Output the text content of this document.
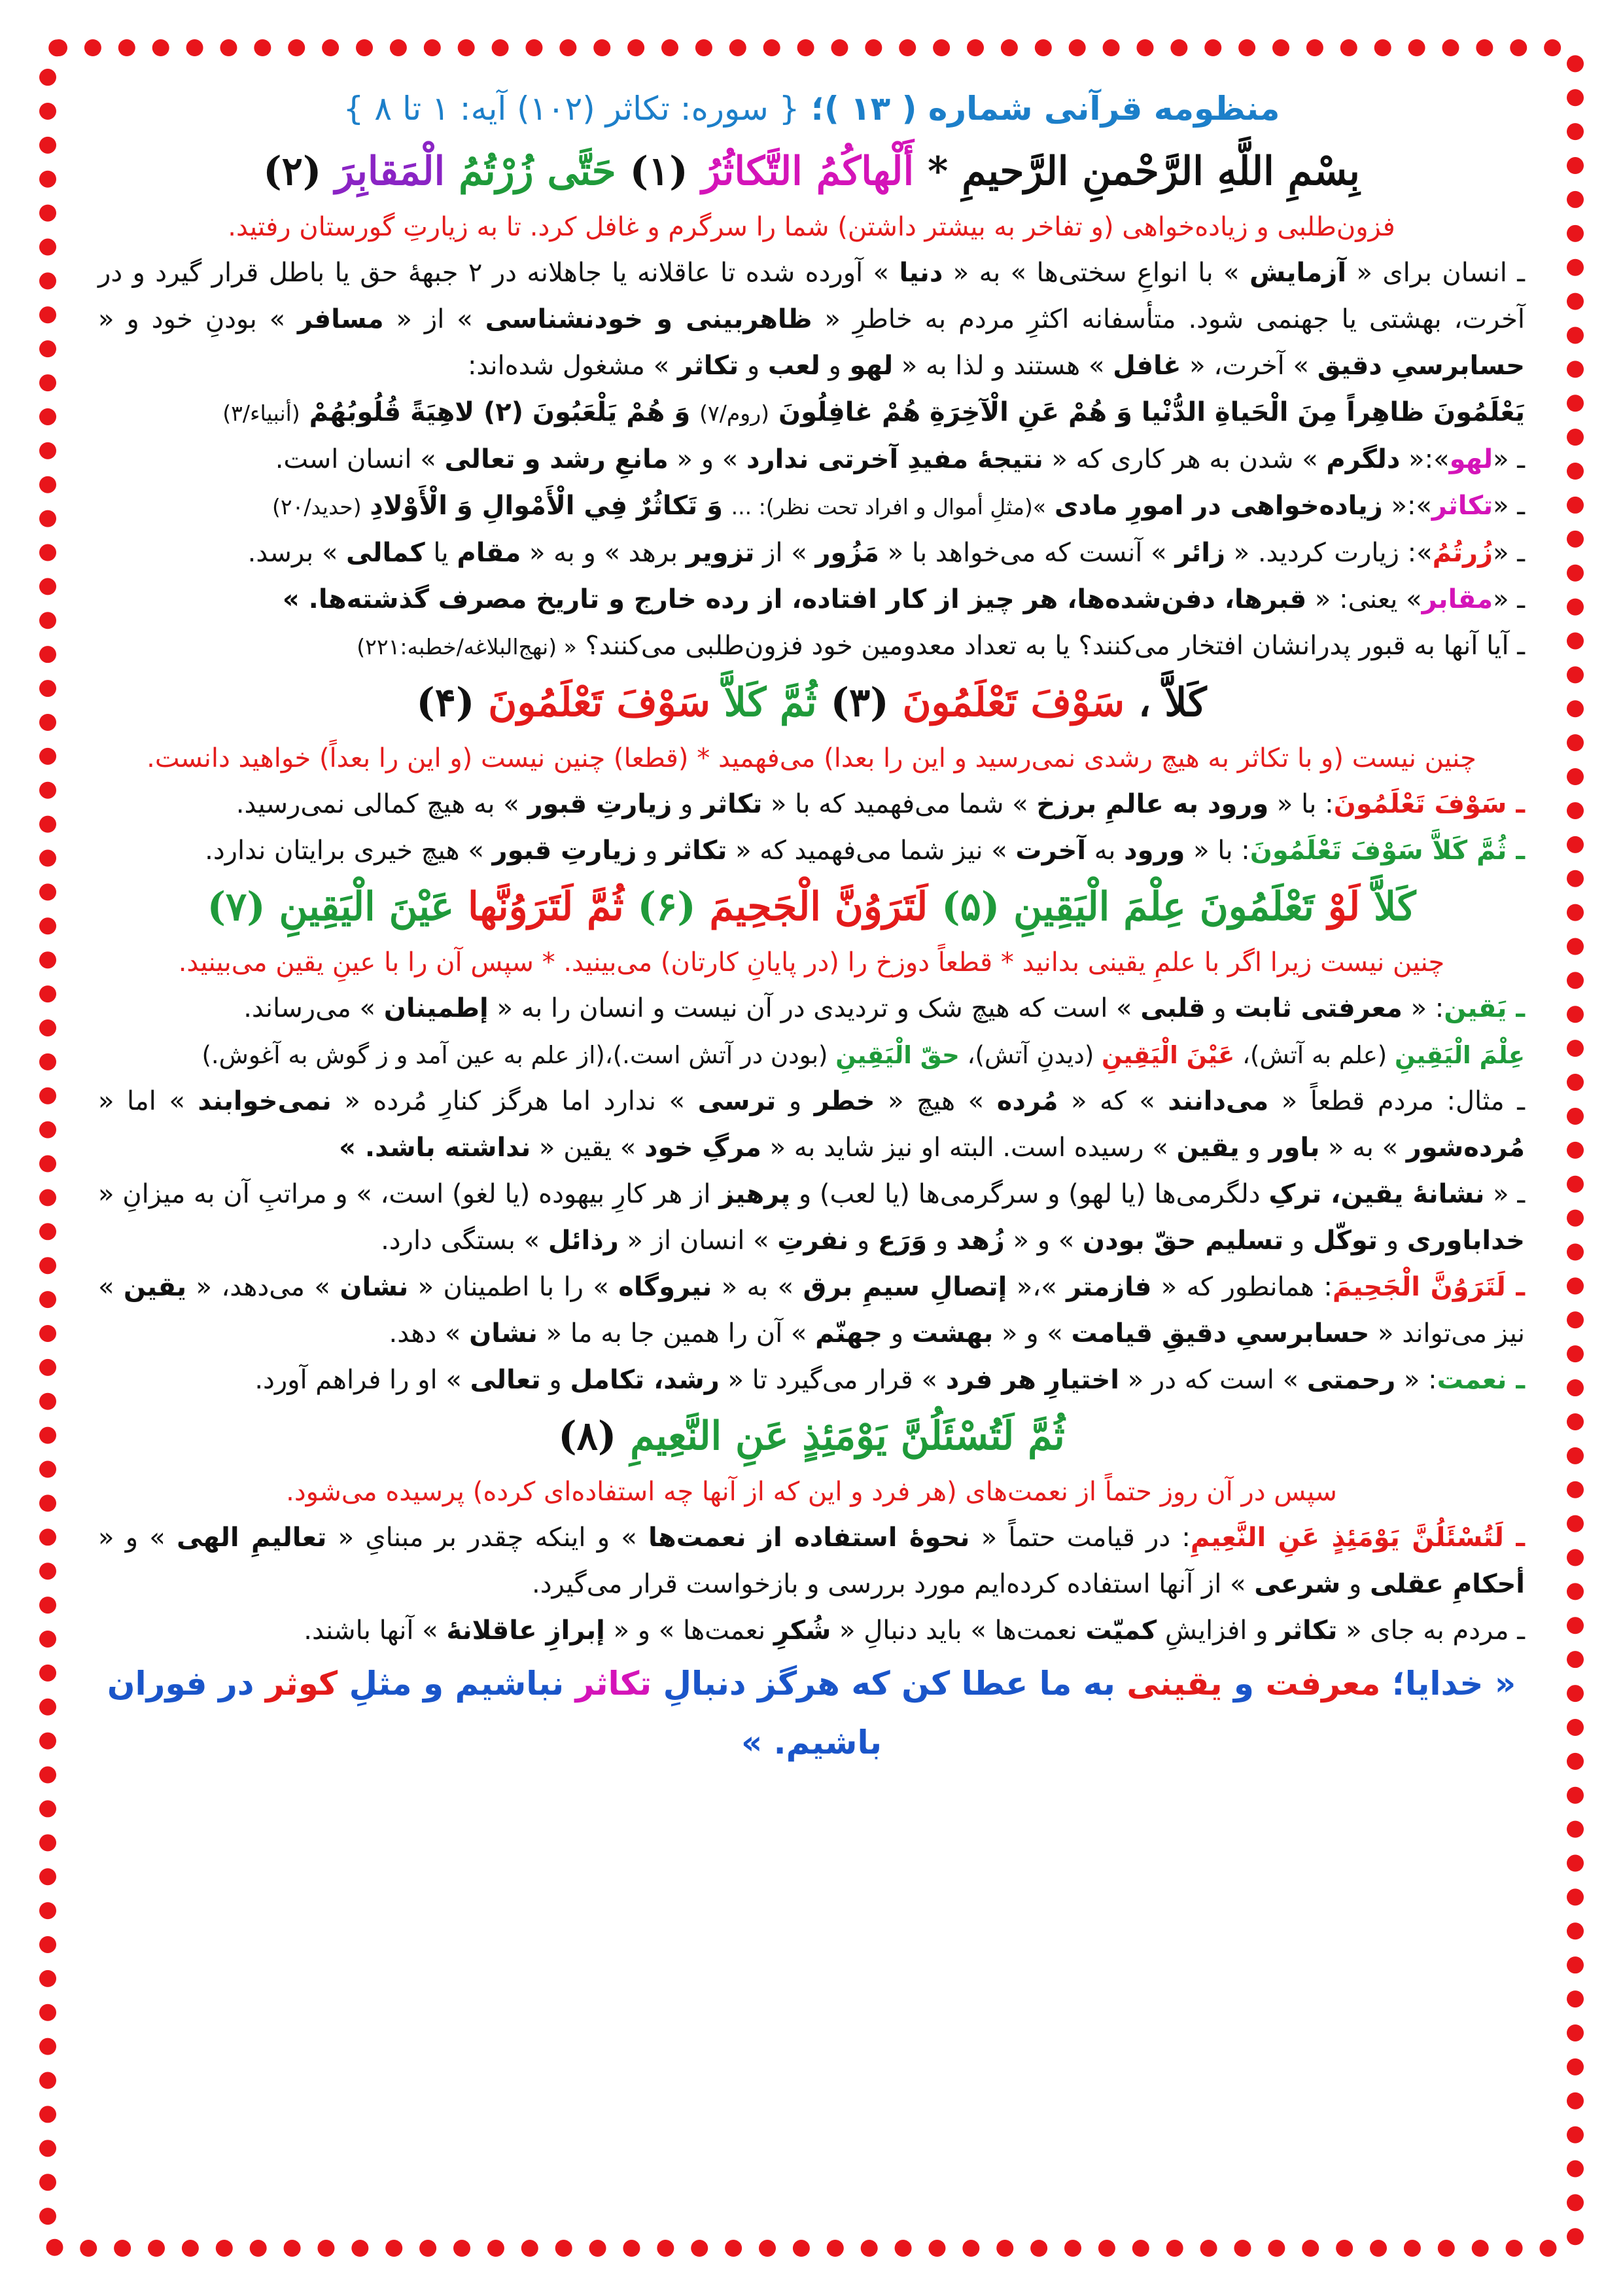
منظومه قرآنی شماره ( ۱۳ )؛ { سوره: تکاثر (۱۰۲) آیه: ۱ تا ۸ }

بِسْمِ اللَّهِ الرَّحْمنِ الرَّحيمِ * أَلْهاكُمُ التَّكاثُرُ (۱) حَتَّى زُرْتُمُ الْمَقابِرَ (۲)

فزون‌طلبی و زیاده‌خواهی (و تفاخر به بیشتر داشتن) شما را سرگرم و غافل کرد. تا به زیارتِ گورستان رفتید.

ـ انسان برای « آزمایش » با انواعِ سختی‌ها » به « دنیا » آورده شده تا عاقلانه یا جاهلانه در ۲ جبههٔ حق یا باطل قرار گیرد و در آخرت، بهشتی یا جهنمی شود. متأسفانه اکثرِ مردم به خاطرِ « ظاهربینی و خودنشناسی » از « مسافر » بودنِ خود و « حسابرسیِ دقیق » آخرت، « غافل » هستند و لذا به « لهو و لعب و تکاثر » مشغول شده‌اند:

يَعْلَمُونَ ظاهِراً مِنَ الْحَياةِ الدُّنْيا وَ هُمْ عَنِ الْآخِرَةِ هُمْ غافِلُونَ (روم/۷) وَ هُمْ يَلْعَبُونَ (۲) لاهِيَةً قُلُوبُهُمْ (أنبیاء/۳)

ـ «لهو»:« دلگرم » شدن به هر کاری که « نتیجهٔ مفیدِ آخرتی ندارد » و « مانعِ رشد و تعالی » انسان است.

ـ «تکاثر»:« زیاده‌خواهی در امورِ مادی »(مثلِ أموال و افراد تحت نظر): ... وَ تَكاثُرٌ فِي الْأَمْوالِ وَ الْأَوْلادِ (حدید/۲۰)

ـ «زُرتُمُ»: زیارت کردید. « زائر » آنست که می‌خواهد با « مَزُور » از تزویر برهد » و به « مقام یا کمالی » برسد.

ـ «مقابر» یعنی: « قبرها، دفن‌شده‌ها، هر چیز از کار افتاده، از رده خارج و تاریخ مصرف گذشته‌ها. »

ـ آیا آنها به قبور پدرانشان افتخار می‌کنند؟ یا به تعداد معدومین خود فزون‌طلبی می‌کنند؟ « (نهج‌البلاغه/خطبه:۲۲۱)

كَلاَّ ، سَوْفَ تَعْلَمُونَ (۳) ثُمَّ كَلاَّ سَوْفَ تَعْلَمُونَ (۴)

چنین نیست (و با تکاثر به هیچ رشدی نمی‌رسید و این را بعدا) می‌فهمید * (قطعا) چنین نیست (و این را بعداً) خواهید دانست.

ـ سَوْفَ تَعْلَمُونَ: با « ورود به عالمِ برزخ » شما می‌فهمید که با « تکاثر و زیارتِ قبور » به هیچ کمالی نمی‌رسید.

ـ ثُمَّ كَلاَّ سَوْفَ تَعْلَمُونَ: با « ورود به آخرت » نیز شما می‌فهمید که « تکاثر و زیارتِ قبور » هیچ خیری برایتان ندارد.

كَلاَّ لَوْ تَعْلَمُونَ عِلْمَ الْيَقِينِ (۵) لَتَرَوُنَّ الْجَحِيمَ (۶) ثُمَّ لَتَرَوُنَّها عَيْنَ الْيَقِينِ (۷)

چنین نیست زیرا اگر با علمِ یقینی بدانید * قطعاً دوزخ را (در پایانِ کارتان) می‌بینید. * سپس آن را با عینِ یقین می‌بینید.

ـ یَقین: « معرفتی ثابت و قلبی » است که هیچ شک و تردیدی در آن نیست و انسان را به « إطمینان » می‌رساند.

عِلْمَ الْيَقِينِ (علم به آتش)، عَيْنَ الْيَقِينِ (دیدنِ آتش)، حقّ الْيَقِينِ (بودن در آتش است.)،(از علم به عین آمد و ز گوش به آغوش.)

ـ مثال: مردم قطعاً « می‌دانند » که « مُرده » هیچ « خطر و ترسی » ندارد اما هرگز کنارِ مُرده « نمی‌خوابند » اما « مُرده‌شور » به « باور و یقین » رسیده است. البته او نیز شاید به « مرگِ خود » یقین « نداشته باشد. »

ـ « نشانهٔ یقین، ترکِ دلگرمی‌ها (یا لهو) و سرگرمی‌ها (یا لعب) و پرهیز از هر کارِ بیهوده (یا لغو) است، » و مراتبِ آن به میزانِ « خداباوری و توکّل و تسلیم حقّ بودن » و « زُهد و وَرَع و نفرتِ » انسان از « رذائل » بستگی دارد.

ـ لَتَرَوُنَّ الْجَحِيمَ: همانطور که « فازمتر »،« إتصالِ سیمِ برق » به « نیروگاه » را با اطمینان « نشان » می‌دهد، « یقین » نیز می‌تواند « حسابرسیِ دقیقِ قیامت » و « بهشت و جهنّم » آن را همین جا به ما « نشان » دهد.

ـ نعمت: « رحمتی » است که در « اختیارِ هر فرد » قرار می‌گیرد تا « رشد، تکامل و تعالی » او را فراهم آورد.

ثُمَّ لَتُسْئَلُنَّ يَوْمَئِذٍ عَنِ النَّعِيمِ (۸)

سپس در آن روز حتماً از نعمت‌های (هر فرد و این که از آنها چه استفاده‌ای کرده) پرسیده می‌شود.

ـ لَتُسْئَلُنَّ يَوْمَئِذٍ عَنِ النَّعِيمِ: در قیامت حتماً « نحوهٔ استفاده از نعمت‌ها » و اینکه چقدر بر مبنایِ « تعالیمِ الهی » و « أحکامِ عقلی و شرعی » از آنها استفاده کرده‌ایم مورد بررسی و بازخواست قرار می‌گیرد.

ـ مردم به جای « تکاثر و افزایشِ کمیّت نعمت‌ها » باید دنبالِ « شُکرِ نعمت‌ها » و « إبرازِ عاقلانهٔ » آنها باشند.

« خدایا؛ معرفت و یقینی به ما عطا کن که هرگز دنبالِ تکاثر نباشیم و مثلِ کوثر در فوران باشیم. »
